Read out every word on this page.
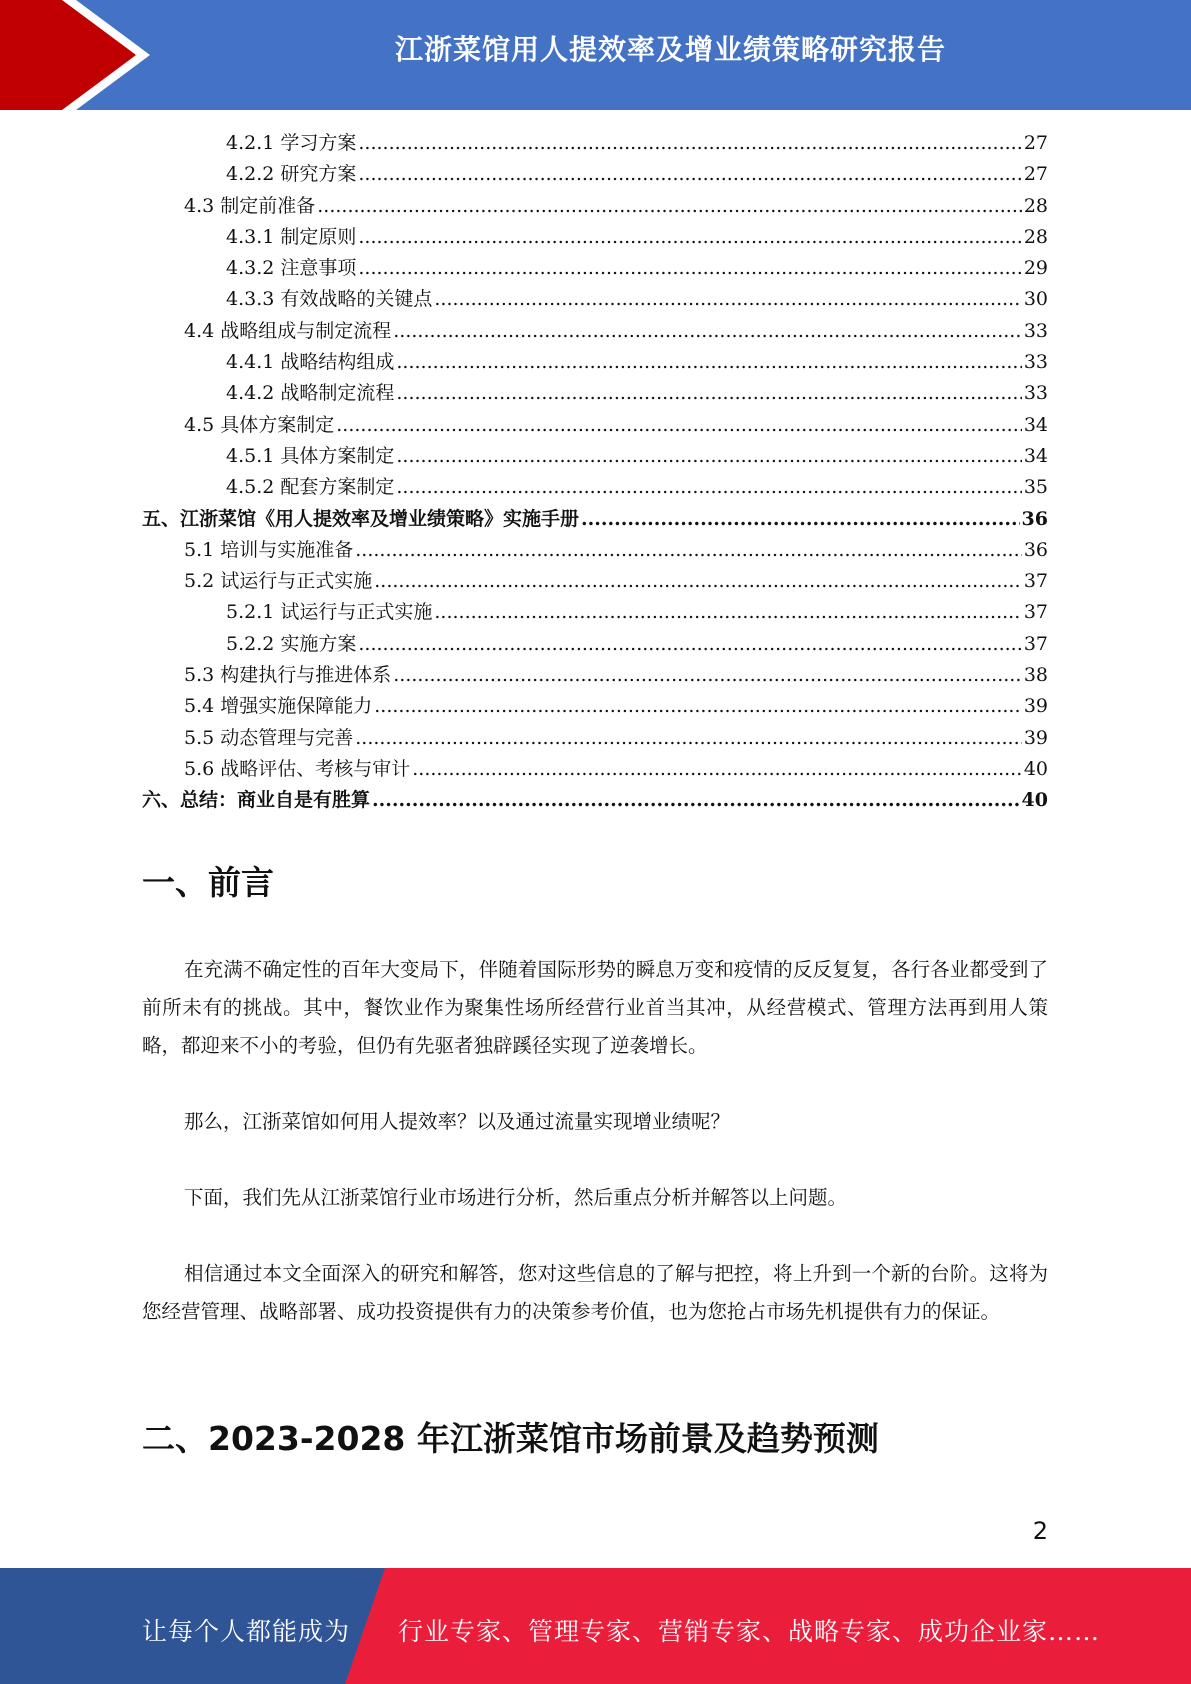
江浙菜馆用人提效率及增业绩策略研究报告
4.2.1 学习方案 .....	27
4.2.2 研究方案 .....	27
4.3 制定前准备 .....	28
4.3.1 制定原则 .....	28
4.3.2 注意事项 .....	29
4.3.3 有效战略的关键点 .....	30
4.4 战略组成与制定流程 .....	33
4.4.1 战略结构组成 .....	33
4.4.2 战略制定流程 .....	33
4.5 具体方案制定 .....	34
4.5.1 具体方案制定 .....	34
4.5.2 配套方案制定 .....	35
五、江浙菜馆《用人提效率及增业绩策略》实施手册 .....	36
5.1 培训与实施准备 .....	36
5.2 试运行与正式实施 .....	37
5.2.1 试运行与正式实施 .....	37
5.2.2 实施方案 .....	37
5.3 构建执行与推进体系 .....	38
5.4 增强实施保障能力 .....	39
5.5 动态管理与完善 .....	39
5.6 战略评估、考核与审计 .....	40
六、总结：商业自是有胜算 .....	40
一、前言
在充满不确定性的百年大变局下，伴随着国际形势的瞬息万变和疫情的反反复复，各行各业都受到了前所未有的挑战。其中，餐饮业作为聚集性场所经营行业首当其冲，从经营模式、管理方法再到用人策略，都迎来不小的考验，但仍有先驱者独辟蹊径实现了逆袭增长。
那么，江浙菜馆如何用人提效率？以及通过流量实现增业绩呢？
下面，我们先从江浙菜馆行业市场进行分析，然后重点分析并解答以上问题。
相信通过本文全面深入的研究和解答，您对这些信息的了解与把控，将上升到一个新的台阶。这将为您经营管理、战略部署、成功投资提供有力的决策参考价值，也为您抢占市场先机提供有力的保证。
二、2023-2028 年江浙菜馆市场前景及趋势预测
2
让每个人都能成为 行业专家、管理专家、营销专家、战略专家、成功企业家……
